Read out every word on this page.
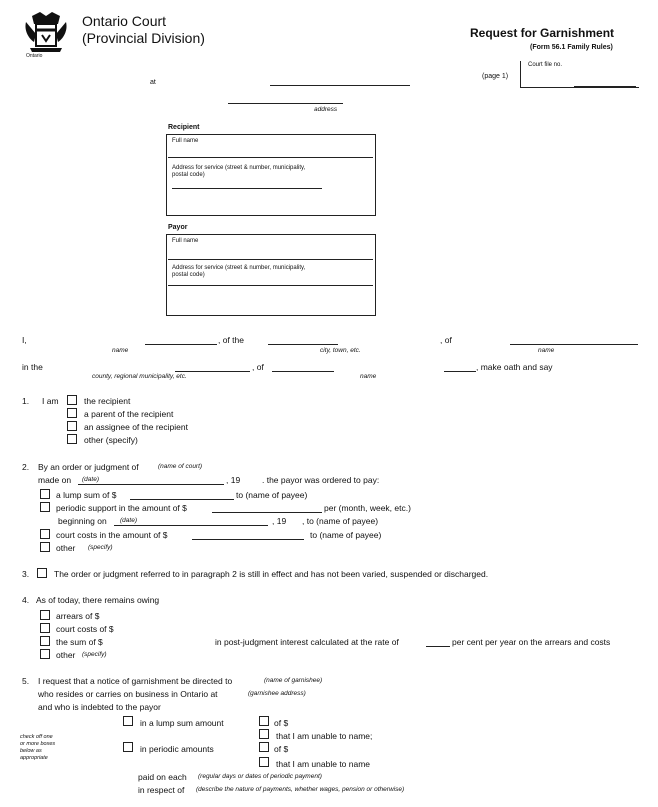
Ontario
Ontario Court
(Provincial Division)	Request for Garnishment
(Form 56.1 Family Rules)
(page 1)
Court file no.
at
address
Recipient
Full name
Address for service (street & number, municipality,
postal code)
Payor
Full name
Address for service (street & number, municipality,
postal code)
I,
name
, of the
city, town, etc.
, of
name
in the
county, regional municipality, etc.
, of
name
, make oath and say
1. I am	the recipient
a parent of the recipient
an assignee of the recipient
other (specify)
2. By an order or judgment of	(name of court)
made on (date)	, 19	. the payor was ordered to pay:
a lump sum of $	to (name of payee)
periodic support in the amount of $	per (month, week, etc.)
beginning on (date)	, 19 , to (name of payee)
court costs in the amount of $	to (name of payee)
other (specify)
3.	The order or judgment referred to in paragraph 2 is still in effect and has not been varied, suspended or discharged.
4. As of today, there remains owing
arrears of $
court costs of $
the sum of $	in post-judgment interest calculated at the rate of	per cent per year on the arrears and costs
other (specify)
5. I request that a notice of garnishment be directed to	(name of garnishee)
who resides or carries on business in Ontario at	(garnishee address)
and who is indebted to the payor
check off one
or more boxes
below as
appropriate
in a lump sum amount	of $
that I am unable to name;
in periodic amounts	of $
that I am unable to name
paid on each (regular days or dates of periodic payment)
in respect of (describe the nature of payments, whether wages, pension or otherwise)
